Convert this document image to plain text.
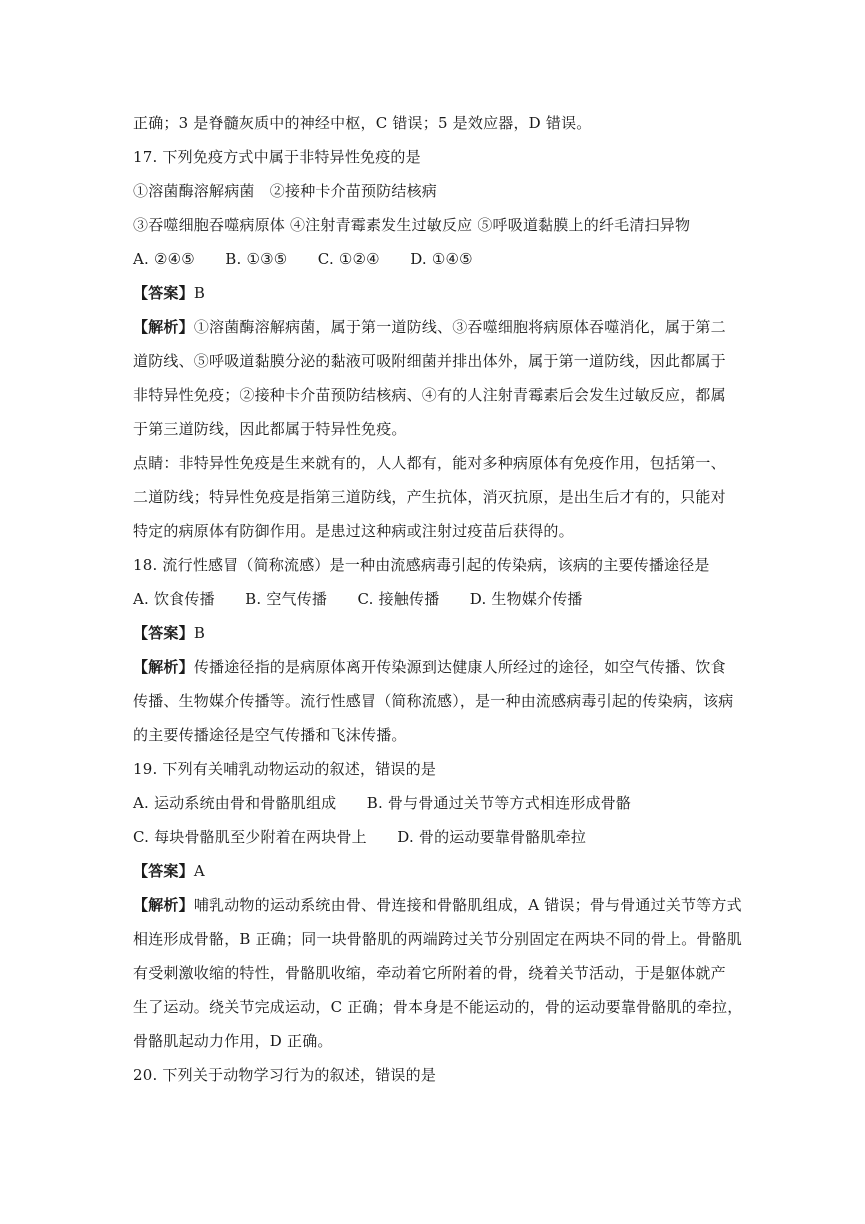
正确；3 是脊髓灰质中的神经中枢，C 错误；5 是效应器，D 错误。
17. 下列免疫方式中属于非特异性免疫的是
①溶菌酶溶解病菌　②接种卡介苗预防结核病
③吞噬细胞吞噬病原体 ④注射青霉素发生过敏反应 ⑤呼吸道黏膜上的纤毛清扫异物
A. ②④⑤　　B. ①③⑤　　C. ①②④　　D. ①④⑤
【答案】B
【解析】①溶菌酶溶解病菌，属于第一道防线、③吞噬细胞将病原体吞噬消化，属于第二
道防线、⑤呼吸道黏膜分泌的黏液可吸附细菌并排出体外，属于第一道防线，因此都属于
非特异性免疫；②接种卡介苗预防结核病、④有的人注射青霉素后会发生过敏反应，都属
于第三道防线，因此都属于特异性免疫。
点睛：非特异性免疫是生来就有的，人人都有，能对多种病原体有免疫作用，包括第一、
二道防线；特异性免疫是指第三道防线，产生抗体，消灭抗原，是出生后才有的，只能对
特定的病原体有防御作用。是患过这种病或注射过疫苗后获得的。
18. 流行性感冒（简称流感）是一种由流感病毒引起的传染病，该病的主要传播途径是
A. 饮食传播　　B. 空气传播　　C. 接触传播　　D. 生物媒介传播
【答案】B
【解析】传播途径指的是病原体离开传染源到达健康人所经过的途径，如空气传播、饮食
传播、生物媒介传播等。流行性感冒（简称流感），是一种由流感病毒引起的传染病，该病
的主要传播途径是空气传播和飞沫传播。
19. 下列有关哺乳动物运动的叙述，错误的是
A. 运动系统由骨和骨骼肌组成　　B. 骨与骨通过关节等方式相连形成骨骼
C. 每块骨骼肌至少附着在两块骨上　　D. 骨的运动要靠骨骼肌牵拉
【答案】A
【解析】哺乳动物的运动系统由骨、骨连接和骨骼肌组成，A 错误；骨与骨通过关节等方式
相连形成骨骼，B 正确；同一块骨骼肌的两端跨过关节分别固定在两块不同的骨上。骨骼肌
有受刺激收缩的特性，骨骼肌收缩，牵动着它所附着的骨，绕着关节活动，于是躯体就产
生了运动。绕关节完成运动，C 正确；骨本身是不能运动的，骨的运动要靠骨骼肌的牵拉，
骨骼肌起动力作用，D 正确。
20. 下列关于动物学习行为的叙述，错误的是
